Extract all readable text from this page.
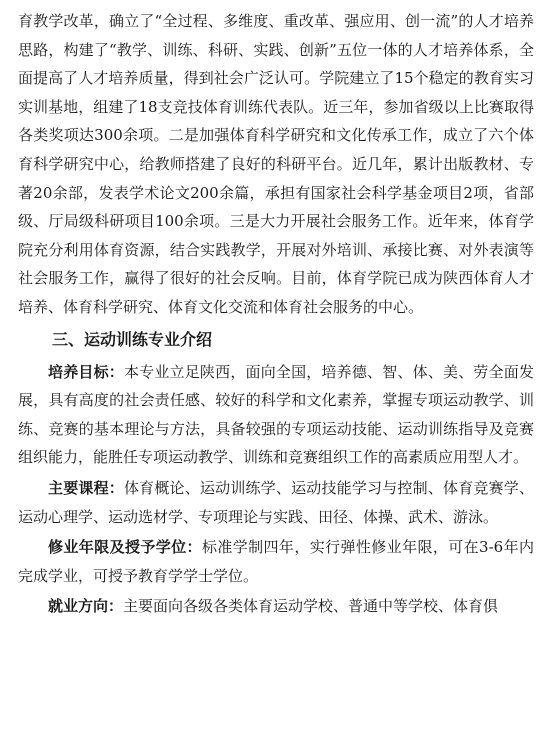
育教学改革，确立了“全过程、多维度、重改革、强应用、创一流”的人才培养思路，构建了“教学、训练、科研、实践、创新”五位一体的人才培养体系，全面提高了人才培养质量，得到社会广泛认可。学院建立了15个稳定的教育实习实训基地，组建了18支竞技体育训练代表队。近三年，参加省级以上比赛取得各类奖项达300余项。二是加强体育科学研究和文化传承工作，成立了六个体育科学研究中心，给教师搭建了良好的科研平台。近几年，累计出版教材、专著20余部，发表学术论文200余篇，承担有国家社会科学基金项目2项，省部级、厅局级科研项目100余项。三是大力开展社会服务工作。近年来，体育学院充分利用体育资源，结合实践教学，开展对外培训、承接比赛、对外表演等社会服务工作，赢得了很好的社会反响。目前，体育学院已成为陕西体育人才培养、体育科学研究、体育文化交流和体育社会服务的中心。

三、运动训练专业介绍

培养目标：本专业立足陕西，面向全国，培养德、智、体、美、劳全面发展，具有高度的社会责任感、较好的科学和文化素养，掌握专项运动教学、训练、竞赛的基本理论与方法，具备较强的专项运动技能、运动训练指导及竞赛组织能力，能胜任专项运动教学、训练和竞赛组织工作的高素质应用型人才。

主要课程：体育概论、运动训练学、运动技能学习与控制、体育竞赛学、运动心理学、运动选材学、专项理论与实践、田径、体操、武术、游泳。

修业年限及授予学位：标准学制四年，实行弹性修业年限，可在3-6年内完成学业，可授予教育学学士学位。

就业方向：主要面向各级各类体育运动学校、普通中等学校、体育俱
